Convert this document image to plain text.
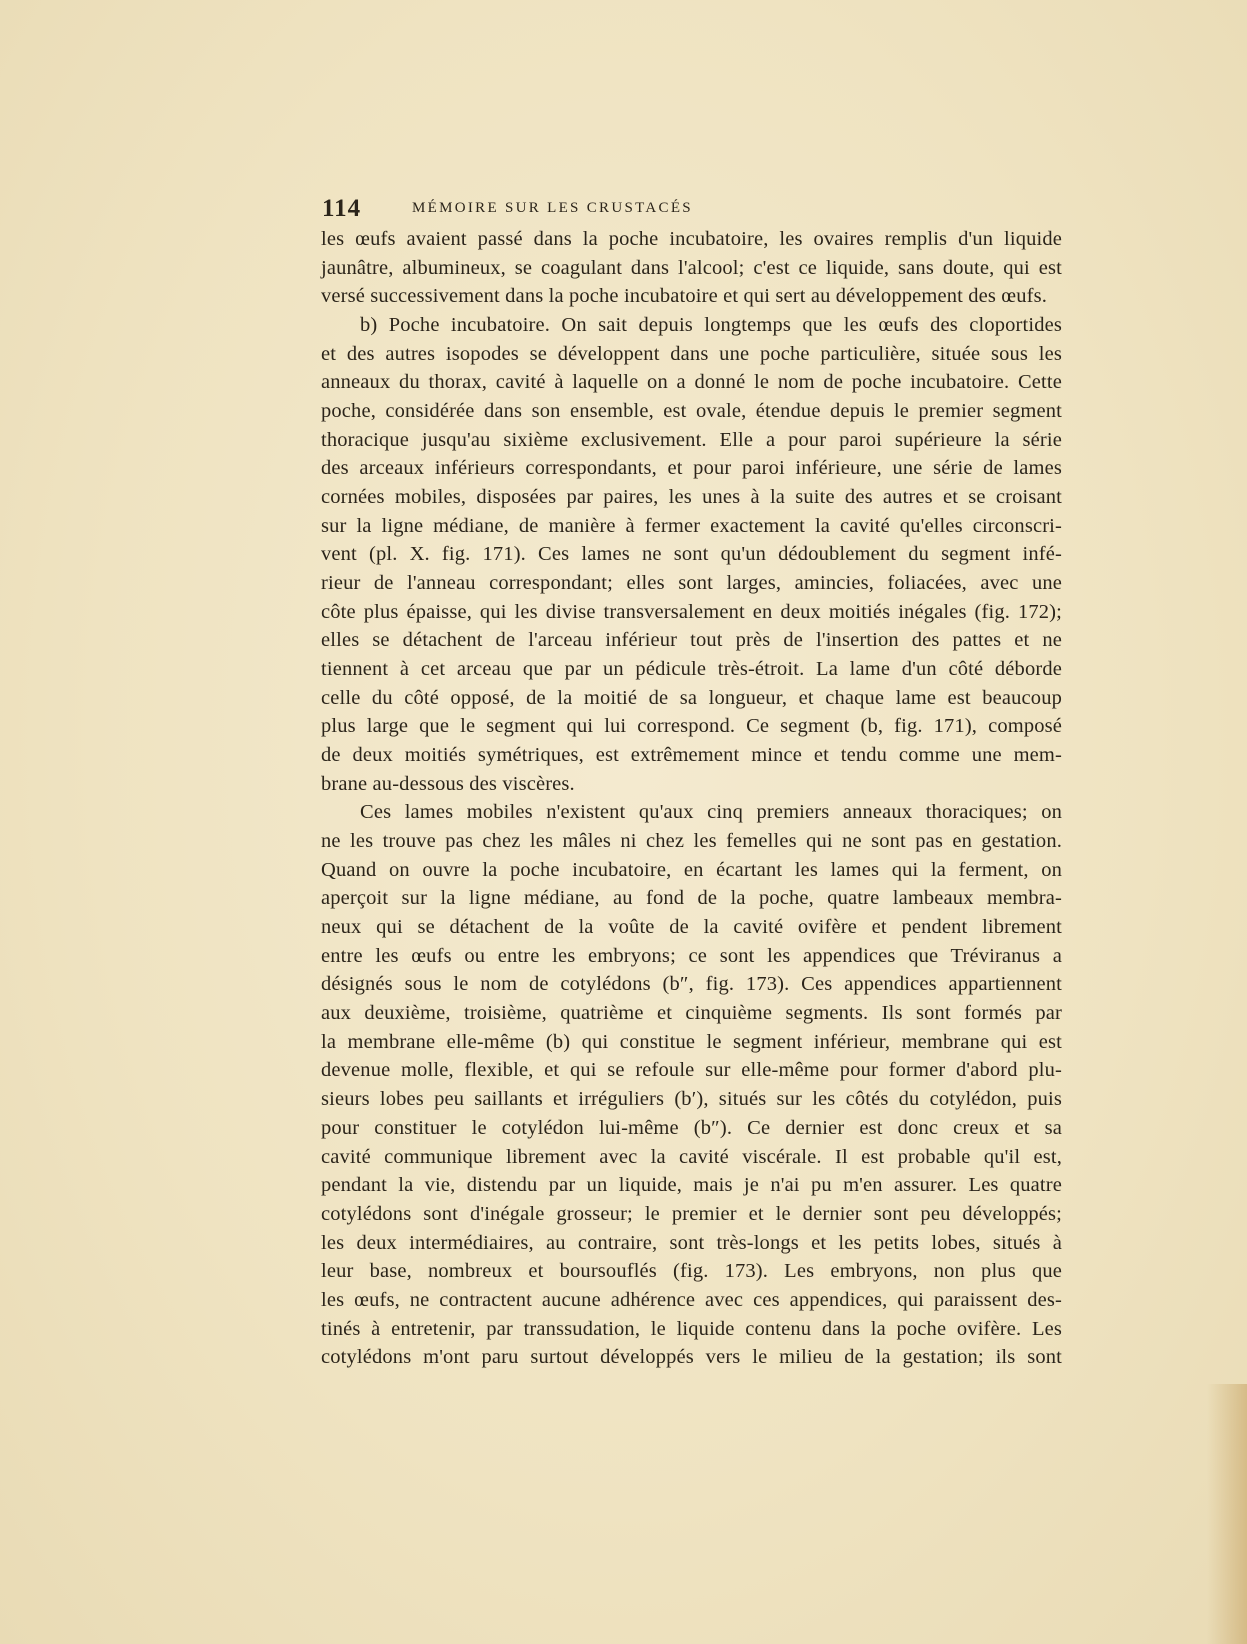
114	MÉMOIRE SUR LES CRUSTACÉS
les œufs avaient passé dans la poche incubatoire, les ovaires remplis d'un liquide
jaunâtre, albumineux, se coagulant dans l'alcool; c'est ce liquide, sans doute, qui est
versé successivement dans la poche incubatoire et qui sert au développement des œufs.
b) Poche incubatoire. On sait depuis longtemps que les œufs des cloportides
et des autres isopodes se développent dans une poche particulière, située sous les
anneaux du thorax, cavité à laquelle on a donné le nom de poche incubatoire. Cette
poche, considérée dans son ensemble, est ovale, étendue depuis le premier segment
thoracique jusqu'au sixième exclusivement. Elle a pour paroi supérieure la série
des arceaux inférieurs correspondants, et pour paroi inférieure, une série de lames
cornées mobiles, disposées par paires, les unes à la suite des autres et se croisant
sur la ligne médiane, de manière à fermer exactement la cavité qu'elles circonscri-
vent (pl. X. fig. 171). Ces lames ne sont qu'un dédoublement du segment infé-
rieur de l'anneau correspondant; elles sont larges, amincies, foliacées, avec une
côte plus épaisse, qui les divise transversalement en deux moitiés inégales (fig. 172);
elles se détachent de l'arceau inférieur tout près de l'insertion des pattes et ne
tiennent à cet arceau que par un pédicule très-étroit. La lame d'un côté déborde
celle du côté opposé, de la moitié de sa longueur, et chaque lame est beaucoup
plus large que le segment qui lui correspond. Ce segment (b, fig. 171), composé
de deux moitiés symétriques, est extrêmement mince et tendu comme une mem-
brane au-dessous des viscères.
Ces lames mobiles n'existent qu'aux cinq premiers anneaux thoraciques; on
ne les trouve pas chez les mâles ni chez les femelles qui ne sont pas en gestation.
Quand on ouvre la poche incubatoire, en écartant les lames qui la ferment, on
aperçoit sur la ligne médiane, au fond de la poche, quatre lambeaux membra-
neux qui se détachent de la voûte de la cavité ovifère et pendent librement
entre les œufs ou entre les embryons; ce sont les appendices que Tréviranus a
désignés sous le nom de cotylédons (b″, fig. 173). Ces appendices appartiennent
aux deuxième, troisième, quatrième et cinquième segments. Ils sont formés par
la membrane elle-même (b) qui constitue le segment inférieur, membrane qui est
devenue molle, flexible, et qui se refoule sur elle-même pour former d'abord plu-
sieurs lobes peu saillants et irréguliers (b′), situés sur les côtés du cotylédon, puis
pour constituer le cotylédon lui-même (b″). Ce dernier est donc creux et sa
cavité communique librement avec la cavité viscérale. Il est probable qu'il est,
pendant la vie, distendu par un liquide, mais je n'ai pu m'en assurer. Les quatre
cotylédons sont d'inégale grosseur; le premier et le dernier sont peu développés;
les deux intermédiaires, au contraire, sont très-longs et les petits lobes, situés à
leur base, nombreux et boursouflés (fig. 173). Les embryons, non plus que
les œufs, ne contractent aucune adhérence avec ces appendices, qui paraissent des-
tinés à entretenir, par transsudation, le liquide contenu dans la poche ovifère. Les
cotylédons m'ont paru surtout développés vers le milieu de la gestation; ils sont
